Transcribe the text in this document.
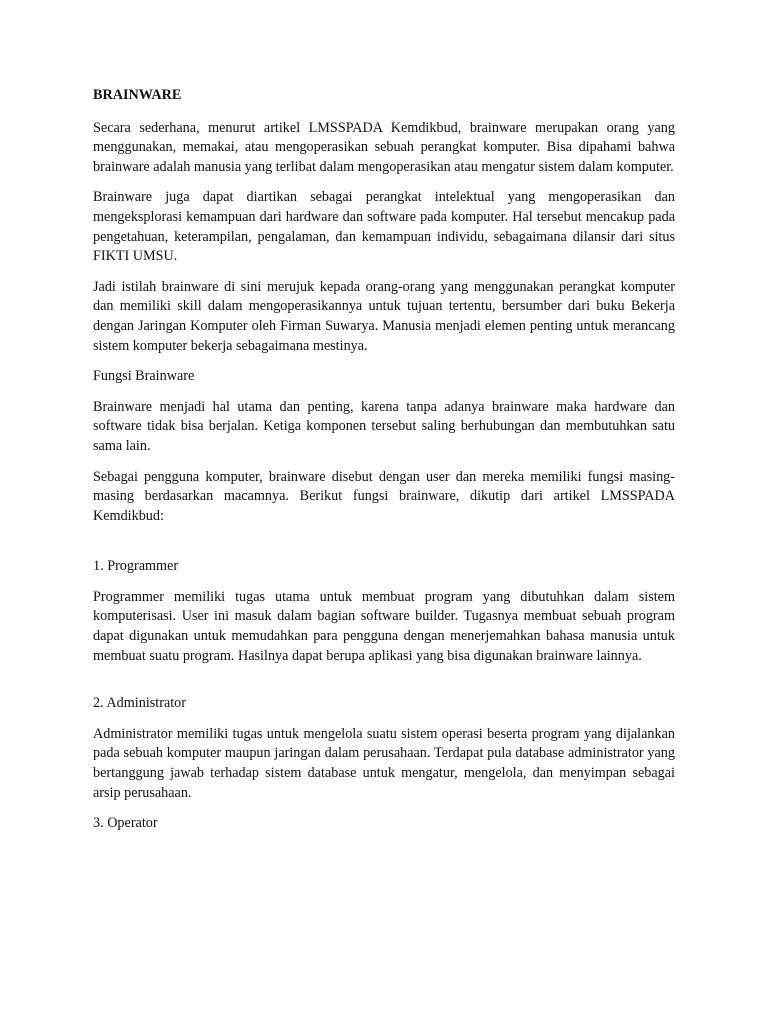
BRAINWARE

Secara sederhana, menurut artikel LMSSPADA Kemdikbud, brainware merupakan orang yang menggunakan, memakai, atau mengoperasikan sebuah perangkat komputer. Bisa dipahami bahwa brainware adalah manusia yang terlibat dalam mengoperasikan atau mengatur sistem dalam komputer.

Brainware juga dapat diartikan sebagai perangkat intelektual yang mengoperasikan dan mengeksplorasi kemampuan dari hardware dan software pada komputer. Hal tersebut mencakup pada pengetahuan, keterampilan, pengalaman, dan kemampuan individu, sebagaimana dilansir dari situs FIKTI UMSU.

Jadi istilah brainware di sini merujuk kepada orang-orang yang menggunakan perangkat komputer dan memiliki skill dalam mengoperasikannya untuk tujuan tertentu, bersumber dari buku Bekerja dengan Jaringan Komputer oleh Firman Suwarya. Manusia menjadi elemen penting untuk merancang sistem komputer bekerja sebagaimana mestinya.

Fungsi Brainware

Brainware menjadi hal utama dan penting, karena tanpa adanya brainware maka hardware dan software tidak bisa berjalan. Ketiga komponen tersebut saling berhubungan dan membutuhkan satu sama lain.

Sebagai pengguna komputer, brainware disebut dengan user dan mereka memiliki fungsi masing-masing berdasarkan macamnya. Berikut fungsi brainware, dikutip dari artikel LMSSPADA Kemdikbud:

1. Programmer

Programmer memiliki tugas utama untuk membuat program yang dibutuhkan dalam sistem komputerisasi. User ini masuk dalam bagian software builder. Tugasnya membuat sebuah program dapat digunakan untuk memudahkan para pengguna dengan menerjemahkan bahasa manusia untuk membuat suatu program. Hasilnya dapat berupa aplikasi yang bisa digunakan brainware lainnya.

2. Administrator

Administrator memiliki tugas untuk mengelola suatu sistem operasi beserta program yang dijalankan pada sebuah komputer maupun jaringan dalam perusahaan. Terdapat pula database administrator yang bertanggung jawab terhadap sistem database untuk mengatur, mengelola, dan menyimpan sebagai arsip perusahaan.

3. Operator
